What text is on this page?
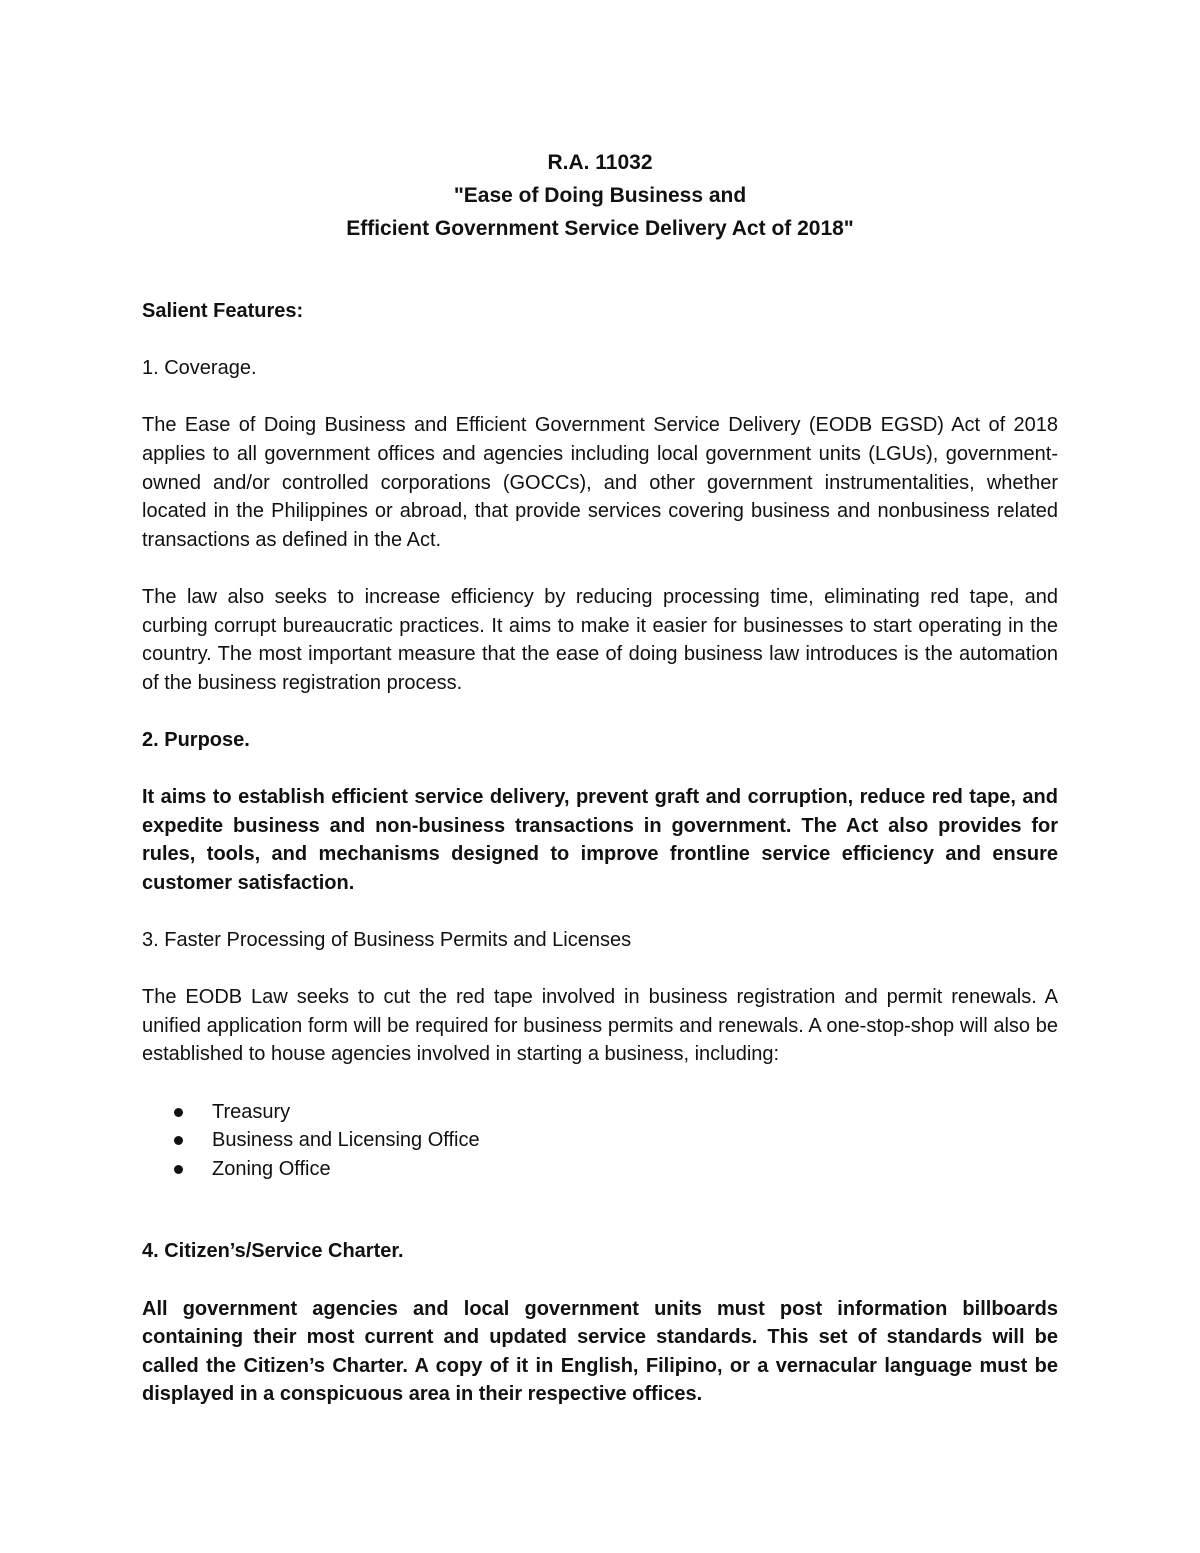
R.A. 11032
"Ease of Doing Business and
Efficient Government Service Delivery Act of 2018"

Salient Features:

1. Coverage.

The Ease of Doing Business and Efficient Government Service Delivery (EODB EGSD) Act of 2018 applies to all government offices and agencies including local government units (LGUs), government-owned and/or controlled corporations (GOCCs), and other government instrumentalities, whether located in the Philippines or abroad, that provide services covering business and nonbusiness related transactions as defined in the Act.

The law also seeks to increase efficiency by reducing processing time, eliminating red tape, and curbing corrupt bureaucratic practices. It aims to make it easier for businesses to start operating in the country. The most important measure that the ease of doing business law introduces is the automation of the business registration process.

2. Purpose.

It aims to establish efficient service delivery, prevent graft and corruption, reduce red tape, and expedite business and non-business transactions in government. The Act also provides for rules, tools, and mechanisms designed to improve frontline service efficiency and ensure customer satisfaction.

3. Faster Processing of Business Permits and Licenses

The EODB Law seeks to cut the red tape involved in business registration and permit renewals. A unified application form will be required for business permits and renewals. A one-stop-shop will also be established to house agencies involved in starting a business, including:

Treasury
Business and Licensing Office
Zoning Office

4. Citizen’s/Service Charter.

All government agencies and local government units must post information billboards containing their most current and updated service standards. This set of standards will be called the Citizen’s Charter. A copy of it in English, Filipino, or a vernacular language must be displayed in a conspicuous area in their respective offices.
